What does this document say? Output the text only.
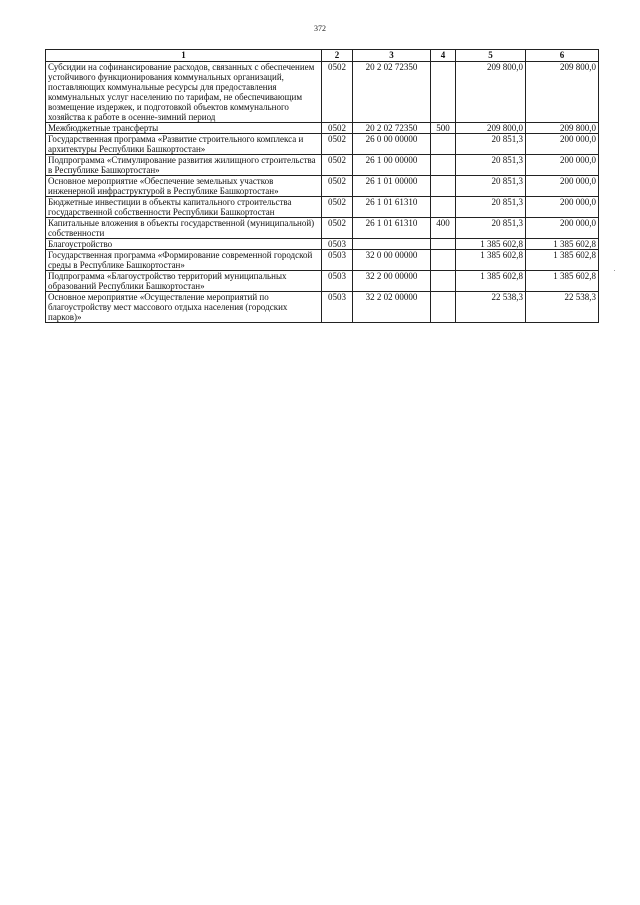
372
1	2	3	4	5	6
Субсидии на софинансирование расходов, связанных с обеспечением устойчивого функционирования коммунальных организаций, поставляющих коммунальные ресурсы для предоставления коммунальных услуг населению по тарифам, не обеспечивающим возмещение издержек, и подготовкой объектов коммунального хозяйства к работе в осенне-зимний период	0502	20 2 02 72350		209 800,0	209 800,0
Межбюджетные трансферты	0502	20 2 02 72350	500	209 800,0	209 800,0
Государственная программа «Развитие строительного комплекса и архитектуры Республики Башкортостан»	0502	26 0 00 00000		20 851,3	200 000,0
Подпрограмма «Стимулирование развития жилищного строительства в Республике Башкортостан»	0502	26 1 00 00000		20 851,3	200 000,0
Основное мероприятие «Обеспечение земельных участков инженерной инфраструктурой в Республике Башкортостан»	0502	26 1 01 00000		20 851,3	200 000,0
Бюджетные инвестиции в объекты капитального строительства государственной собственности Республики Башкортостан	0502	26 1 01 61310		20 851,3	200 000,0
Капитальные вложения в объекты государственной (муниципальной) собственности	0502	26 1 01 61310	400	20 851,3	200 000,0
Благоустройство	0503			1 385 602,8	1 385 602,8
Государственная программа «Формирование современной городской среды в Республике Башкортостан»	0503	32 0 00 00000		1 385 602,8	1 385 602,8
Подпрограмма «Благоустройство территорий муниципальных образований Республики Башкортостан»	0503	32 2 00 00000		1 385 602,8	1 385 602,8
Основное мероприятие «Осуществление мероприятий по благоустройству мест массового отдыха населения (городских парков)»	0503	32 2 02 00000		22 538,3	22 538,3
